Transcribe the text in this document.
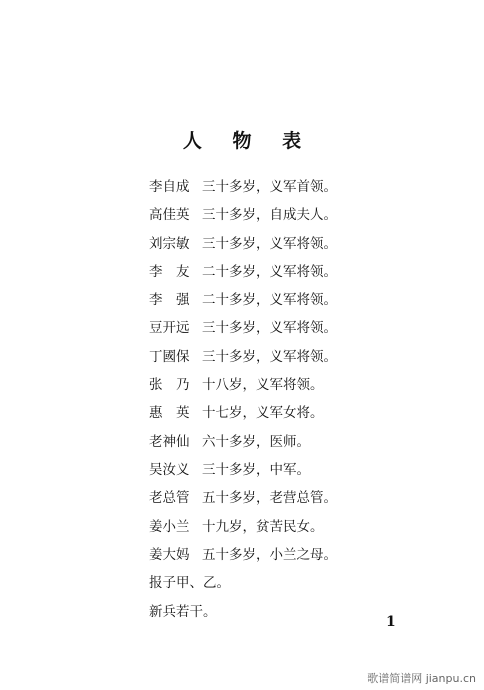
人 物 表
李自成 三十多岁，义军首领。
高佳英 三十多岁，自成夫人。
刘宗敏 三十多岁，义军将领。
李　友 二十多岁，义军将领。
李　强 二十多岁，义军将领。
豆开远 三十多岁，义军将领。
丁國保 三十多岁，义军将领。
张　乃 十八岁，义军将领。
惠　英 十七岁，义军女将。
老神仙 六十多岁，医师。
吴汝义 三十多岁，中军。
老总管 五十多岁，老营总管。
姜小兰 十九岁，贫苦民女。
姜大妈 五十多岁，小兰之母。
报子甲、乙。
新兵若干。
1
歌谱简谱网 jianpu.cn
